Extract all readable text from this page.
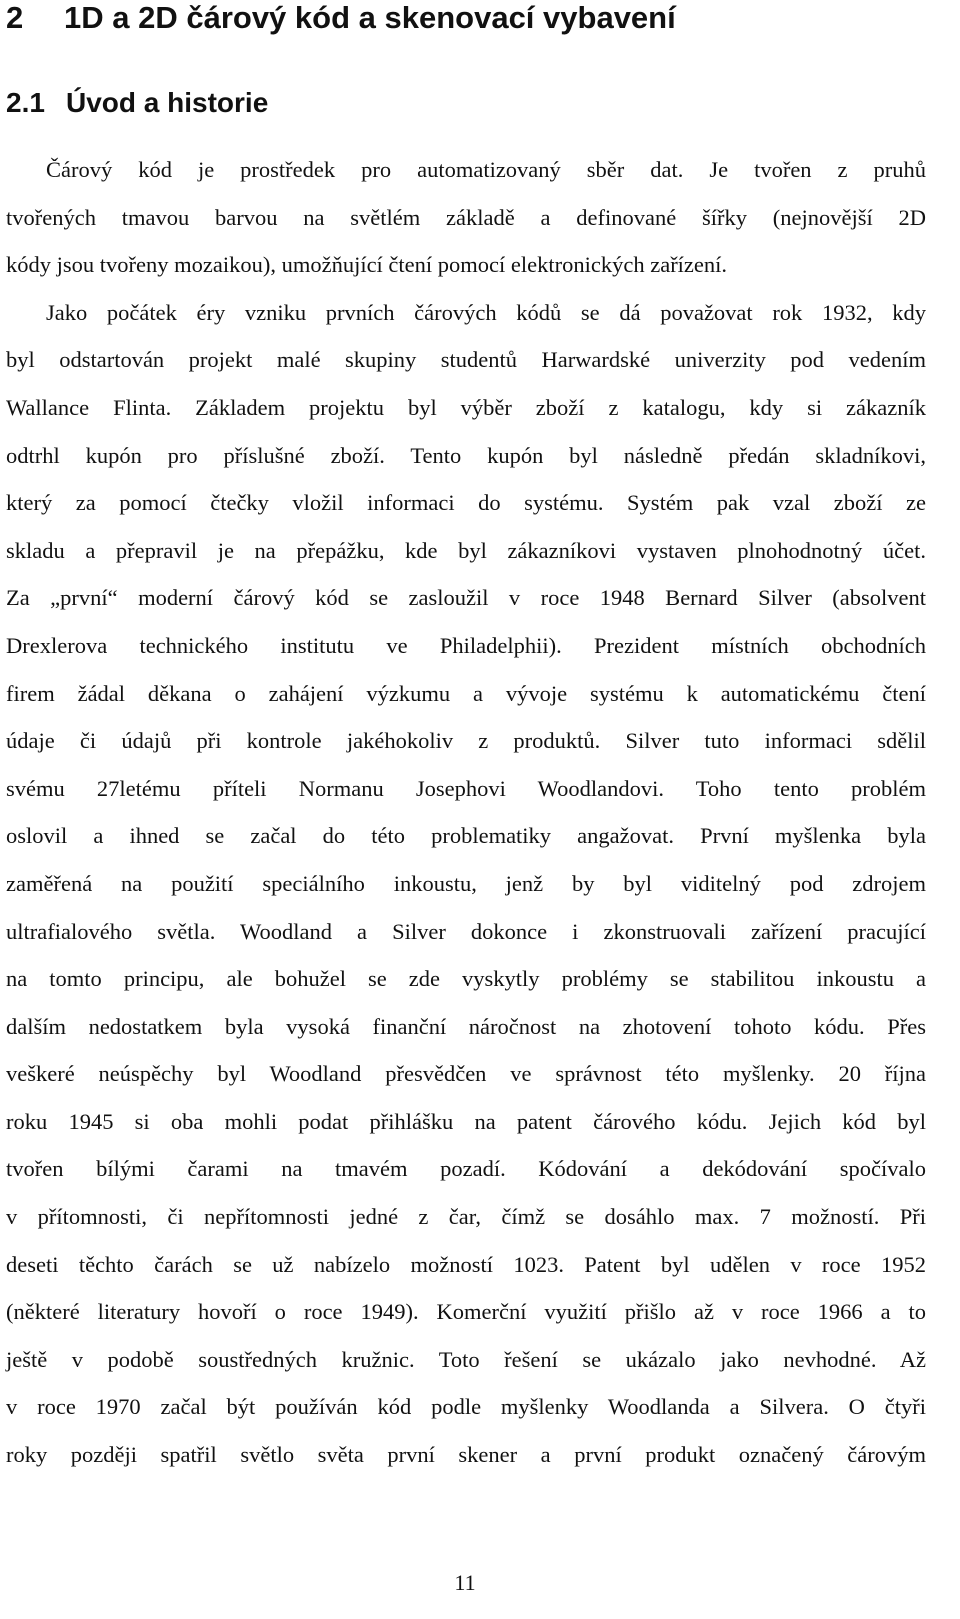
2 1D a 2D čárový kód a skenovací vybavení
2.1 Úvod a historie
Čárový kód je prostředek pro automatizovaný sběr dat. Je tvořen z pruhů
tvořených tmavou barvou na světlém základě a definované šířky (nejnovější 2D
kódy jsou tvořeny mozaikou), umožňující čtení pomocí elektronických zařízení.
Jako počátek éry vzniku prvních čárových kódů se dá považovat rok 1932, kdy
byl odstartován projekt malé skupiny studentů Harwardské univerzity pod vedením
Wallance Flinta. Základem projektu byl výběr zboží z katalogu, kdy si zákazník
odtrhl kupón pro příslušné zboží. Tento kupón byl následně předán skladníkovi,
který za pomocí čtečky vložil informaci do systému. Systém pak vzal zboží ze
skladu a přepravil je na přepážku, kde byl zákazníkovi vystaven plnohodnotný účet.
Za „první“ moderní čárový kód se zasloužil v roce 1948 Bernard Silver (absolvent
Drexlerova technického institutu ve Philadelphii). Prezident místních obchodních
firem žádal děkana o zahájení výzkumu a vývoje systému k automatickému čtení
údaje či údajů při kontrole jakéhokoliv z produktů. Silver tuto informaci sdělil
svému 27letému příteli Normanu Josephovi Woodlandovi. Toho tento problém
oslovil a ihned se začal do této problematiky angažovat. První myšlenka byla
zaměřená na použití speciálního inkoustu, jenž by byl viditelný pod zdrojem
ultrafialového světla. Woodland a Silver dokonce i zkonstruovali zařízení pracující
na tomto principu, ale bohužel se zde vyskytly problémy se stabilitou inkoustu a
dalším nedostatkem byla vysoká finanční náročnost na zhotovení tohoto kódu. Přes
veškeré neúspěchy byl Woodland přesvědčen ve správnost této myšlenky. 20 října
roku 1945 si oba mohli podat přihlášku na patent čárového kódu. Jejich kód byl
tvořen bílými čarami na tmavém pozadí. Kódování a dekódování spočívalo
v přítomnosti, či nepřítomnosti jedné z čar, čímž se dosáhlo max. 7 možností. Při
deseti těchto čarách se už nabízelo možností 1023. Patent byl udělen v roce 1952
(některé literatury hovoří o roce 1949). Komerční využití přišlo až v roce 1966 a to
ještě v podobě soustředných kružnic. Toto řešení se ukázalo jako nevhodné. Až
v roce 1970 začal být používán kód podle myšlenky Woodlanda a Silvera. O čtyři
roky později spatřil světlo světa první skener a první produkt označený čárovým
11
